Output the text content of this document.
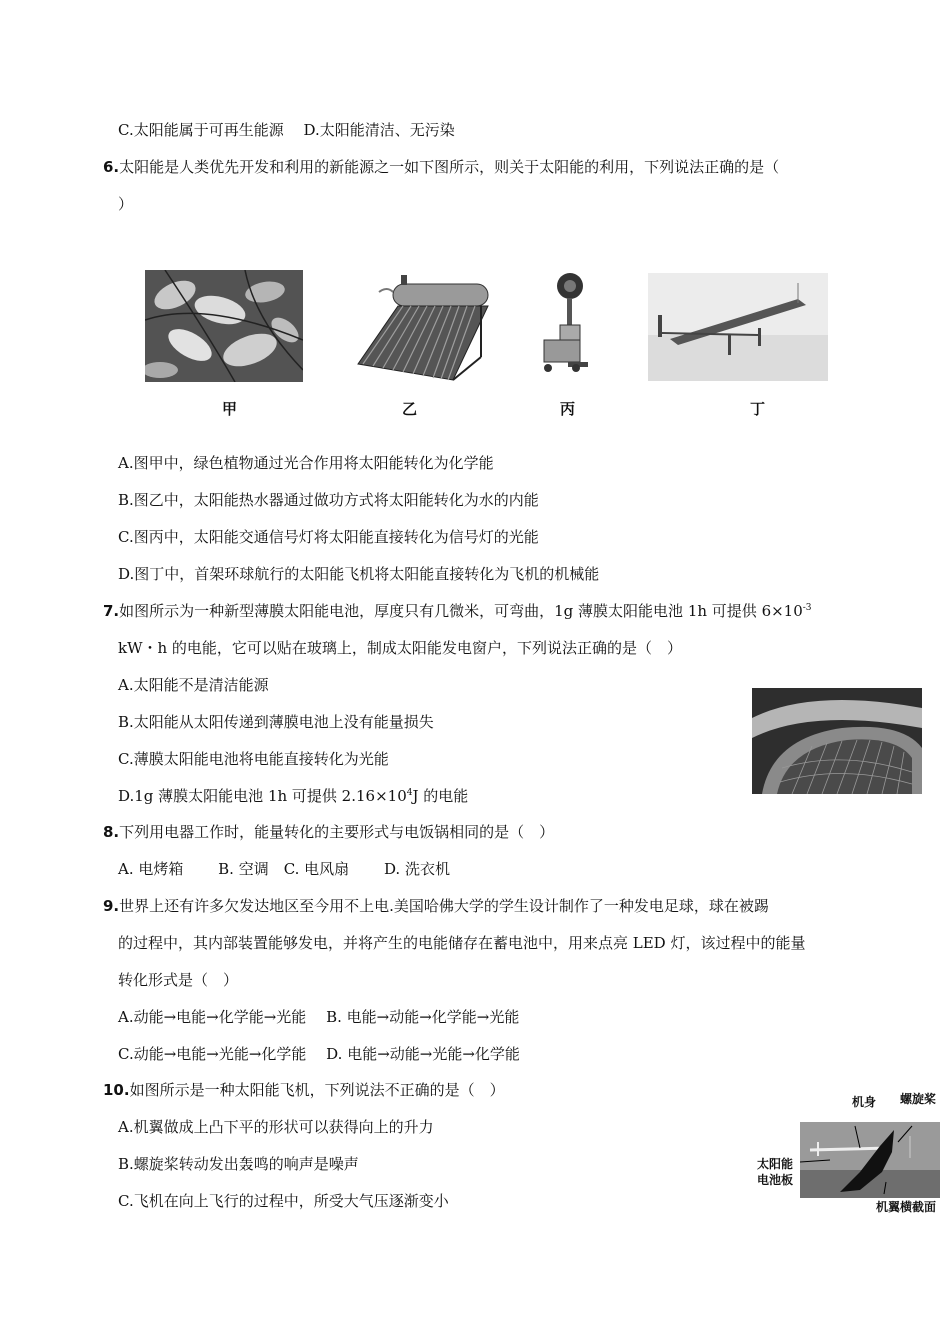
C.太阳能属于可再生能源　 D.太阳能清洁、无污染
6.太阳能是人类优先开发和利用的新能源之一如下图所示，则关于太阳能的利用，下列说法正确的是（
）
甲	乙	丙	丁
A.图甲中，绿色植物通过光合作用将太阳能转化为化学能
B.图乙中，太阳能热水器通过做功方式将太阳能转化为水的内能
C.图丙中，太阳能交通信号灯将太阳能直接转化为信号灯的光能
D.图丁中，首架环球航行的太阳能飞机将太阳能直接转化为飞机的机械能
7.如图所示为一种新型薄膜太阳能电池，厚度只有几微米，可弯曲，1g 薄膜太阳能电池 1h 可提供 $6\times 10^{-3}$
kW・h 的电能，它可以贴在玻璃上，制成太阳能发电窗户，下列说法正确的是（　）
A.太阳能不是清洁能源
B.太阳能从太阳传递到薄膜电池上没有能量损失
C.薄膜太阳能电池将电能直接转化为光能
D.1g 薄膜太阳能电池 1h 可提供 $2.16\times 10^4J$ 的电能
8.下列用电器工作时，能量转化的主要形式与电饭锅相同的是（　）
A. 电烤箱　　 B. 空调　C. 电风扇　　 D. 洗衣机
9.世界上还有许多欠发达地区至今用不上电.美国哈佛大学的学生设计制作了一种发电足球，球在被踢
的过程中，其内部装置能够发电，并将产生的电能储存在蓄电池中，用来点亮 LED 灯，该过程中的能量
转化形式是（　）
A.动能→电能→化学能→光能　 B. 电能→动能→化学能→光能
C.动能→电能→光能→化学能　 D. 电能→动能→光能→化学能
10.如图所示是一种太阳能飞机，下列说法不正确的是（　）
A.机翼做成上凸下平的形状可以获得向上的升力
B.螺旋桨转动发出轰鸣的响声是噪声
C.飞机在向上飞行的过程中，所受大气压逐渐变小
机身 螺旋桨
太阳能
电池板
机翼横截面
